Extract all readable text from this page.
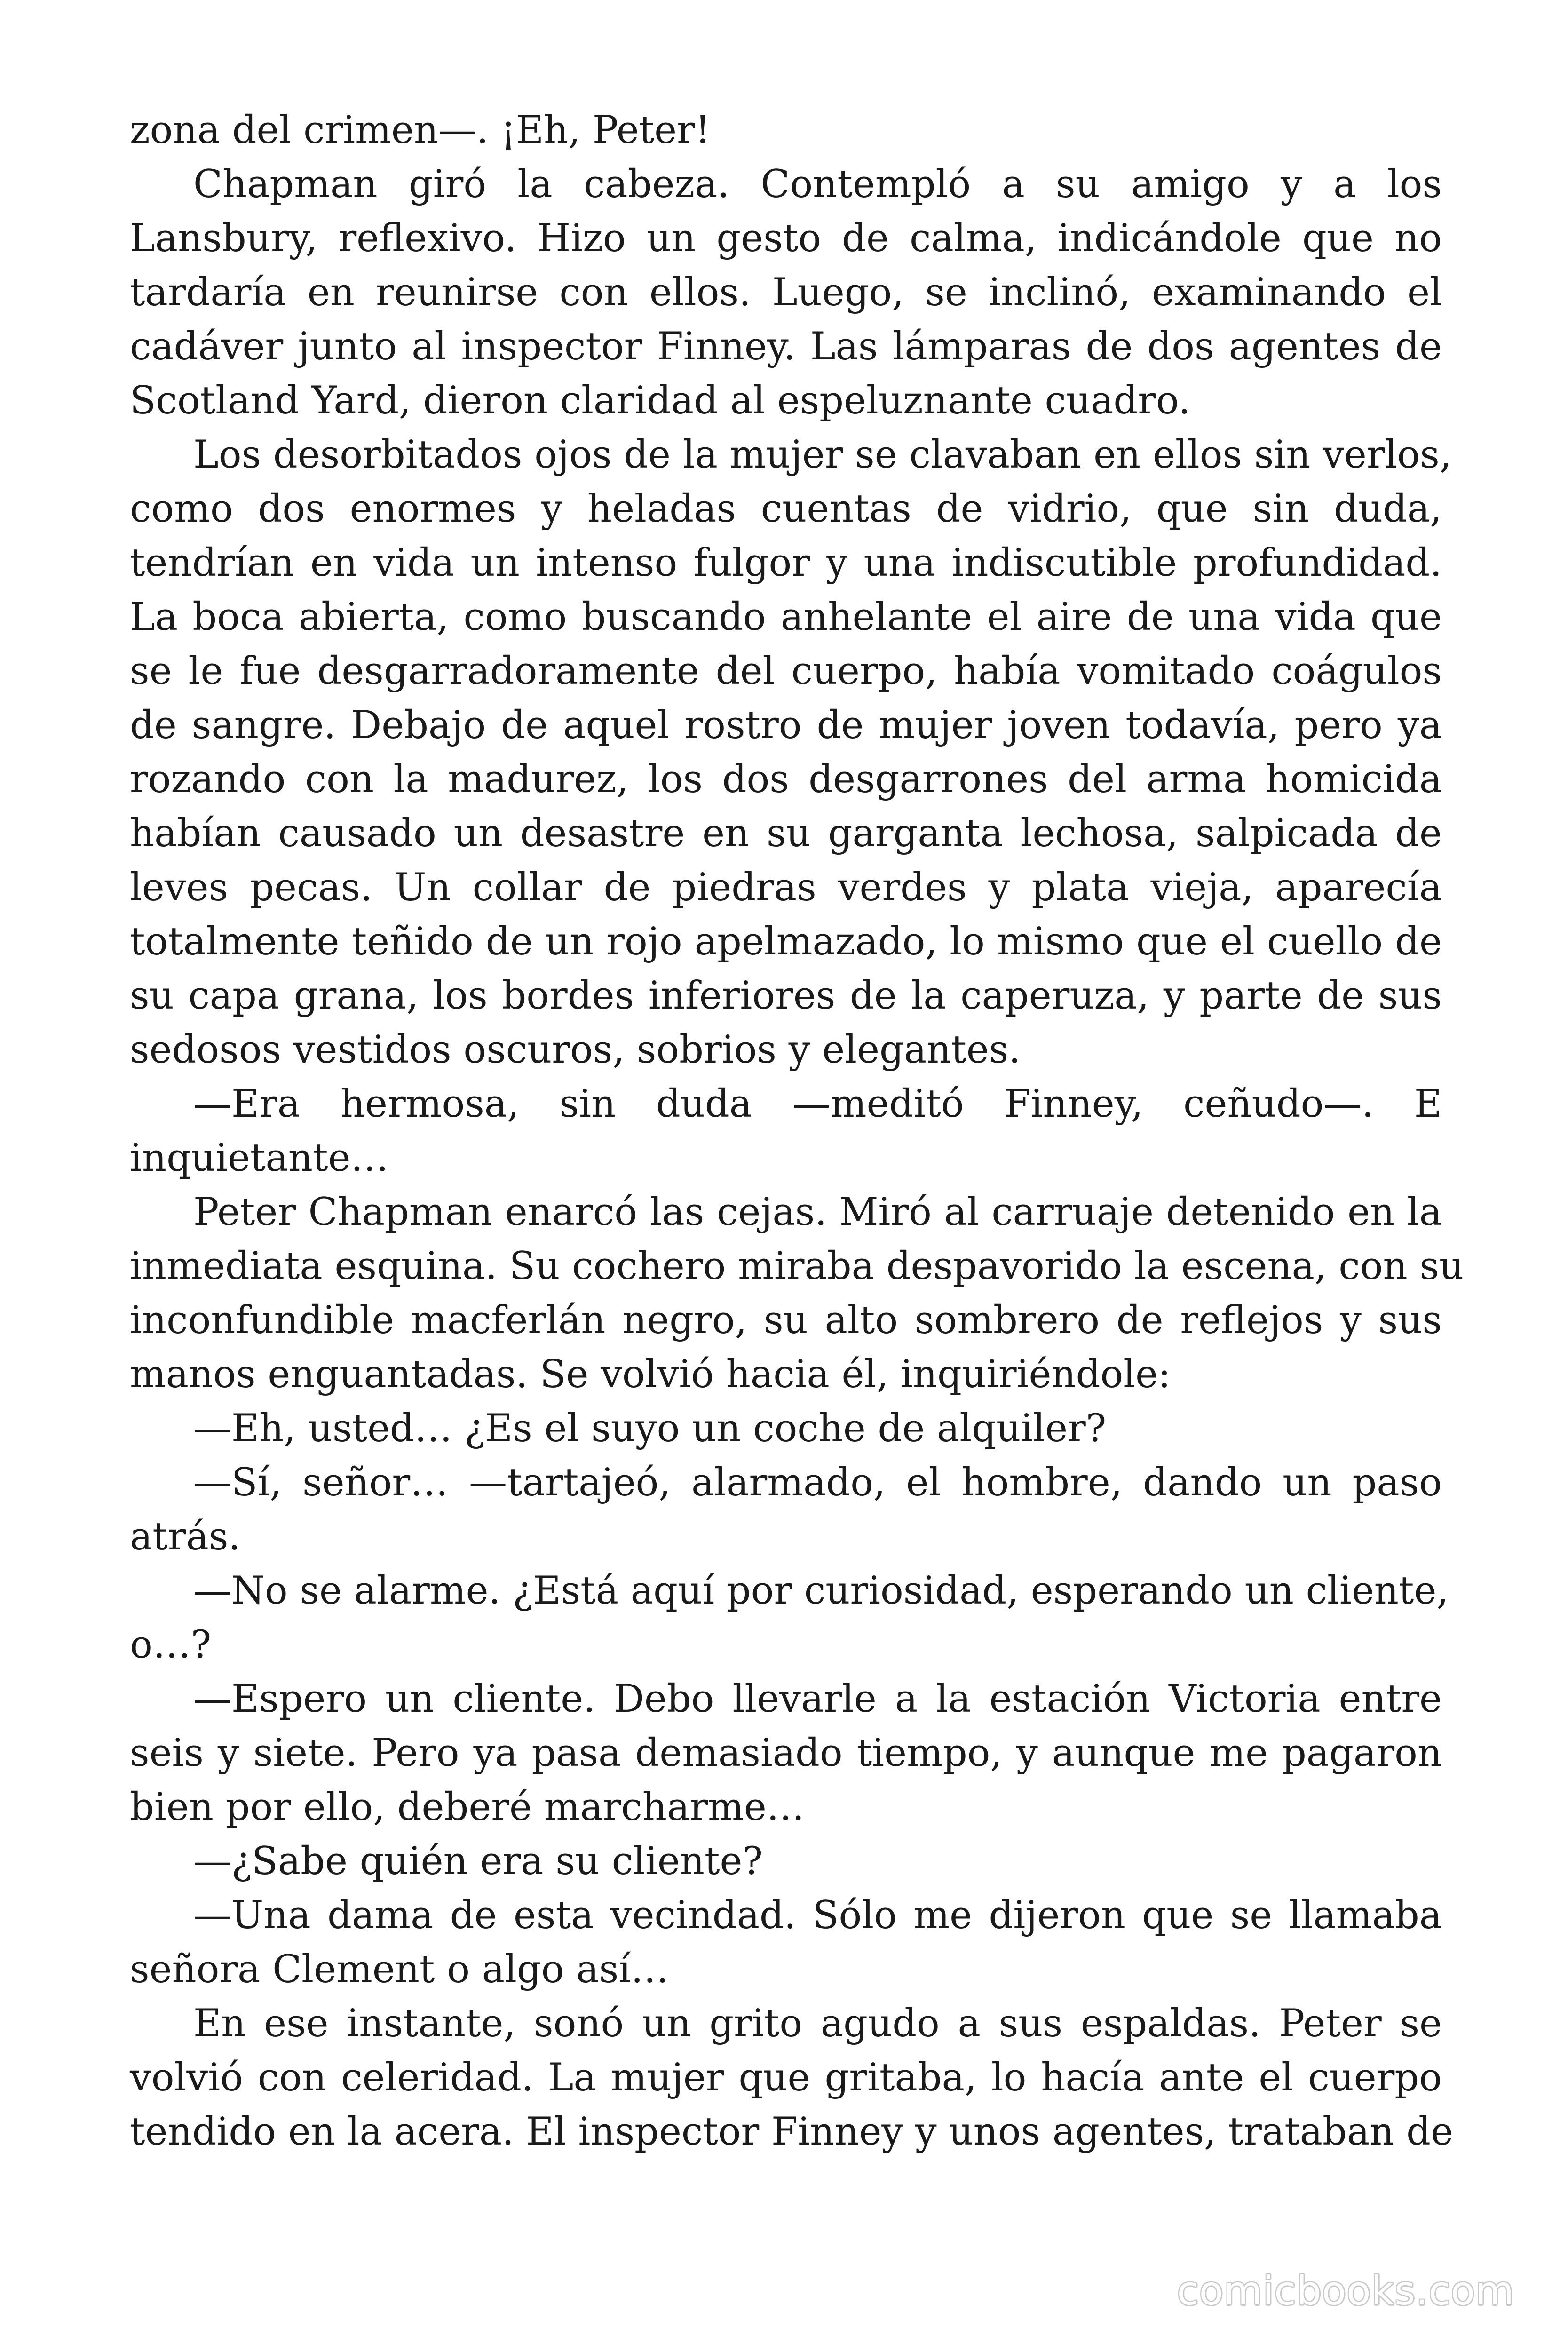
zona del crimen—. ¡Eh, Peter!
Chapman giró la cabeza. Contempló a su amigo y a los
Lansbury, reflexivo. Hizo un gesto de calma, indicándole que no
tardaría en reunirse con ellos. Luego, se inclinó, examinando el
cadáver junto al inspector Finney. Las lámparas de dos agentes de
Scotland Yard, dieron claridad al espeluznante cuadro.
Los desorbitados ojos de la mujer se clavaban en ellos sin verlos,
como dos enormes y heladas cuentas de vidrio, que sin duda,
tendrían en vida un intenso fulgor y una indiscutible profundidad.
La boca abierta, como buscando anhelante el aire de una vida que
se le fue desgarradoramente del cuerpo, había vomitado coágulos
de sangre. Debajo de aquel rostro de mujer joven todavía, pero ya
rozando con la madurez, los dos desgarrones del arma homicida
habían causado un desastre en su garganta lechosa, salpicada de
leves pecas. Un collar de piedras verdes y plata vieja, aparecía
totalmente teñido de un rojo apelmazado, lo mismo que el cuello de
su capa grana, los bordes inferiores de la caperuza, y parte de sus
sedosos vestidos oscuros, sobrios y elegantes.
—Era hermosa, sin duda —meditó Finney, ceñudo—. E
inquietante…
Peter Chapman enarcó las cejas. Miró al carruaje detenido en la
inmediata esquina. Su cochero miraba despavorido la escena, con su
inconfundible macferlán negro, su alto sombrero de reflejos y sus
manos enguantadas. Se volvió hacia él, inquiriéndole:
—Eh, usted… ¿Es el suyo un coche de alquiler?
—Sí, señor… —tartajeó, alarmado, el hombre, dando un paso
atrás.
—No se alarme. ¿Está aquí por curiosidad, esperando un cliente,
o…?
—Espero un cliente. Debo llevarle a la estación Victoria entre
seis y siete. Pero ya pasa demasiado tiempo, y aunque me pagaron
bien por ello, deberé marcharme…
—¿Sabe quién era su cliente?
—Una dama de esta vecindad. Sólo me dijeron que se llamaba
señora Clement o algo así…
En ese instante, sonó un grito agudo a sus espaldas. Peter se
volvió con celeridad. La mujer que gritaba, lo hacía ante el cuerpo
tendido en la acera. El inspector Finney y unos agentes, trataban de
comicbooks.com
